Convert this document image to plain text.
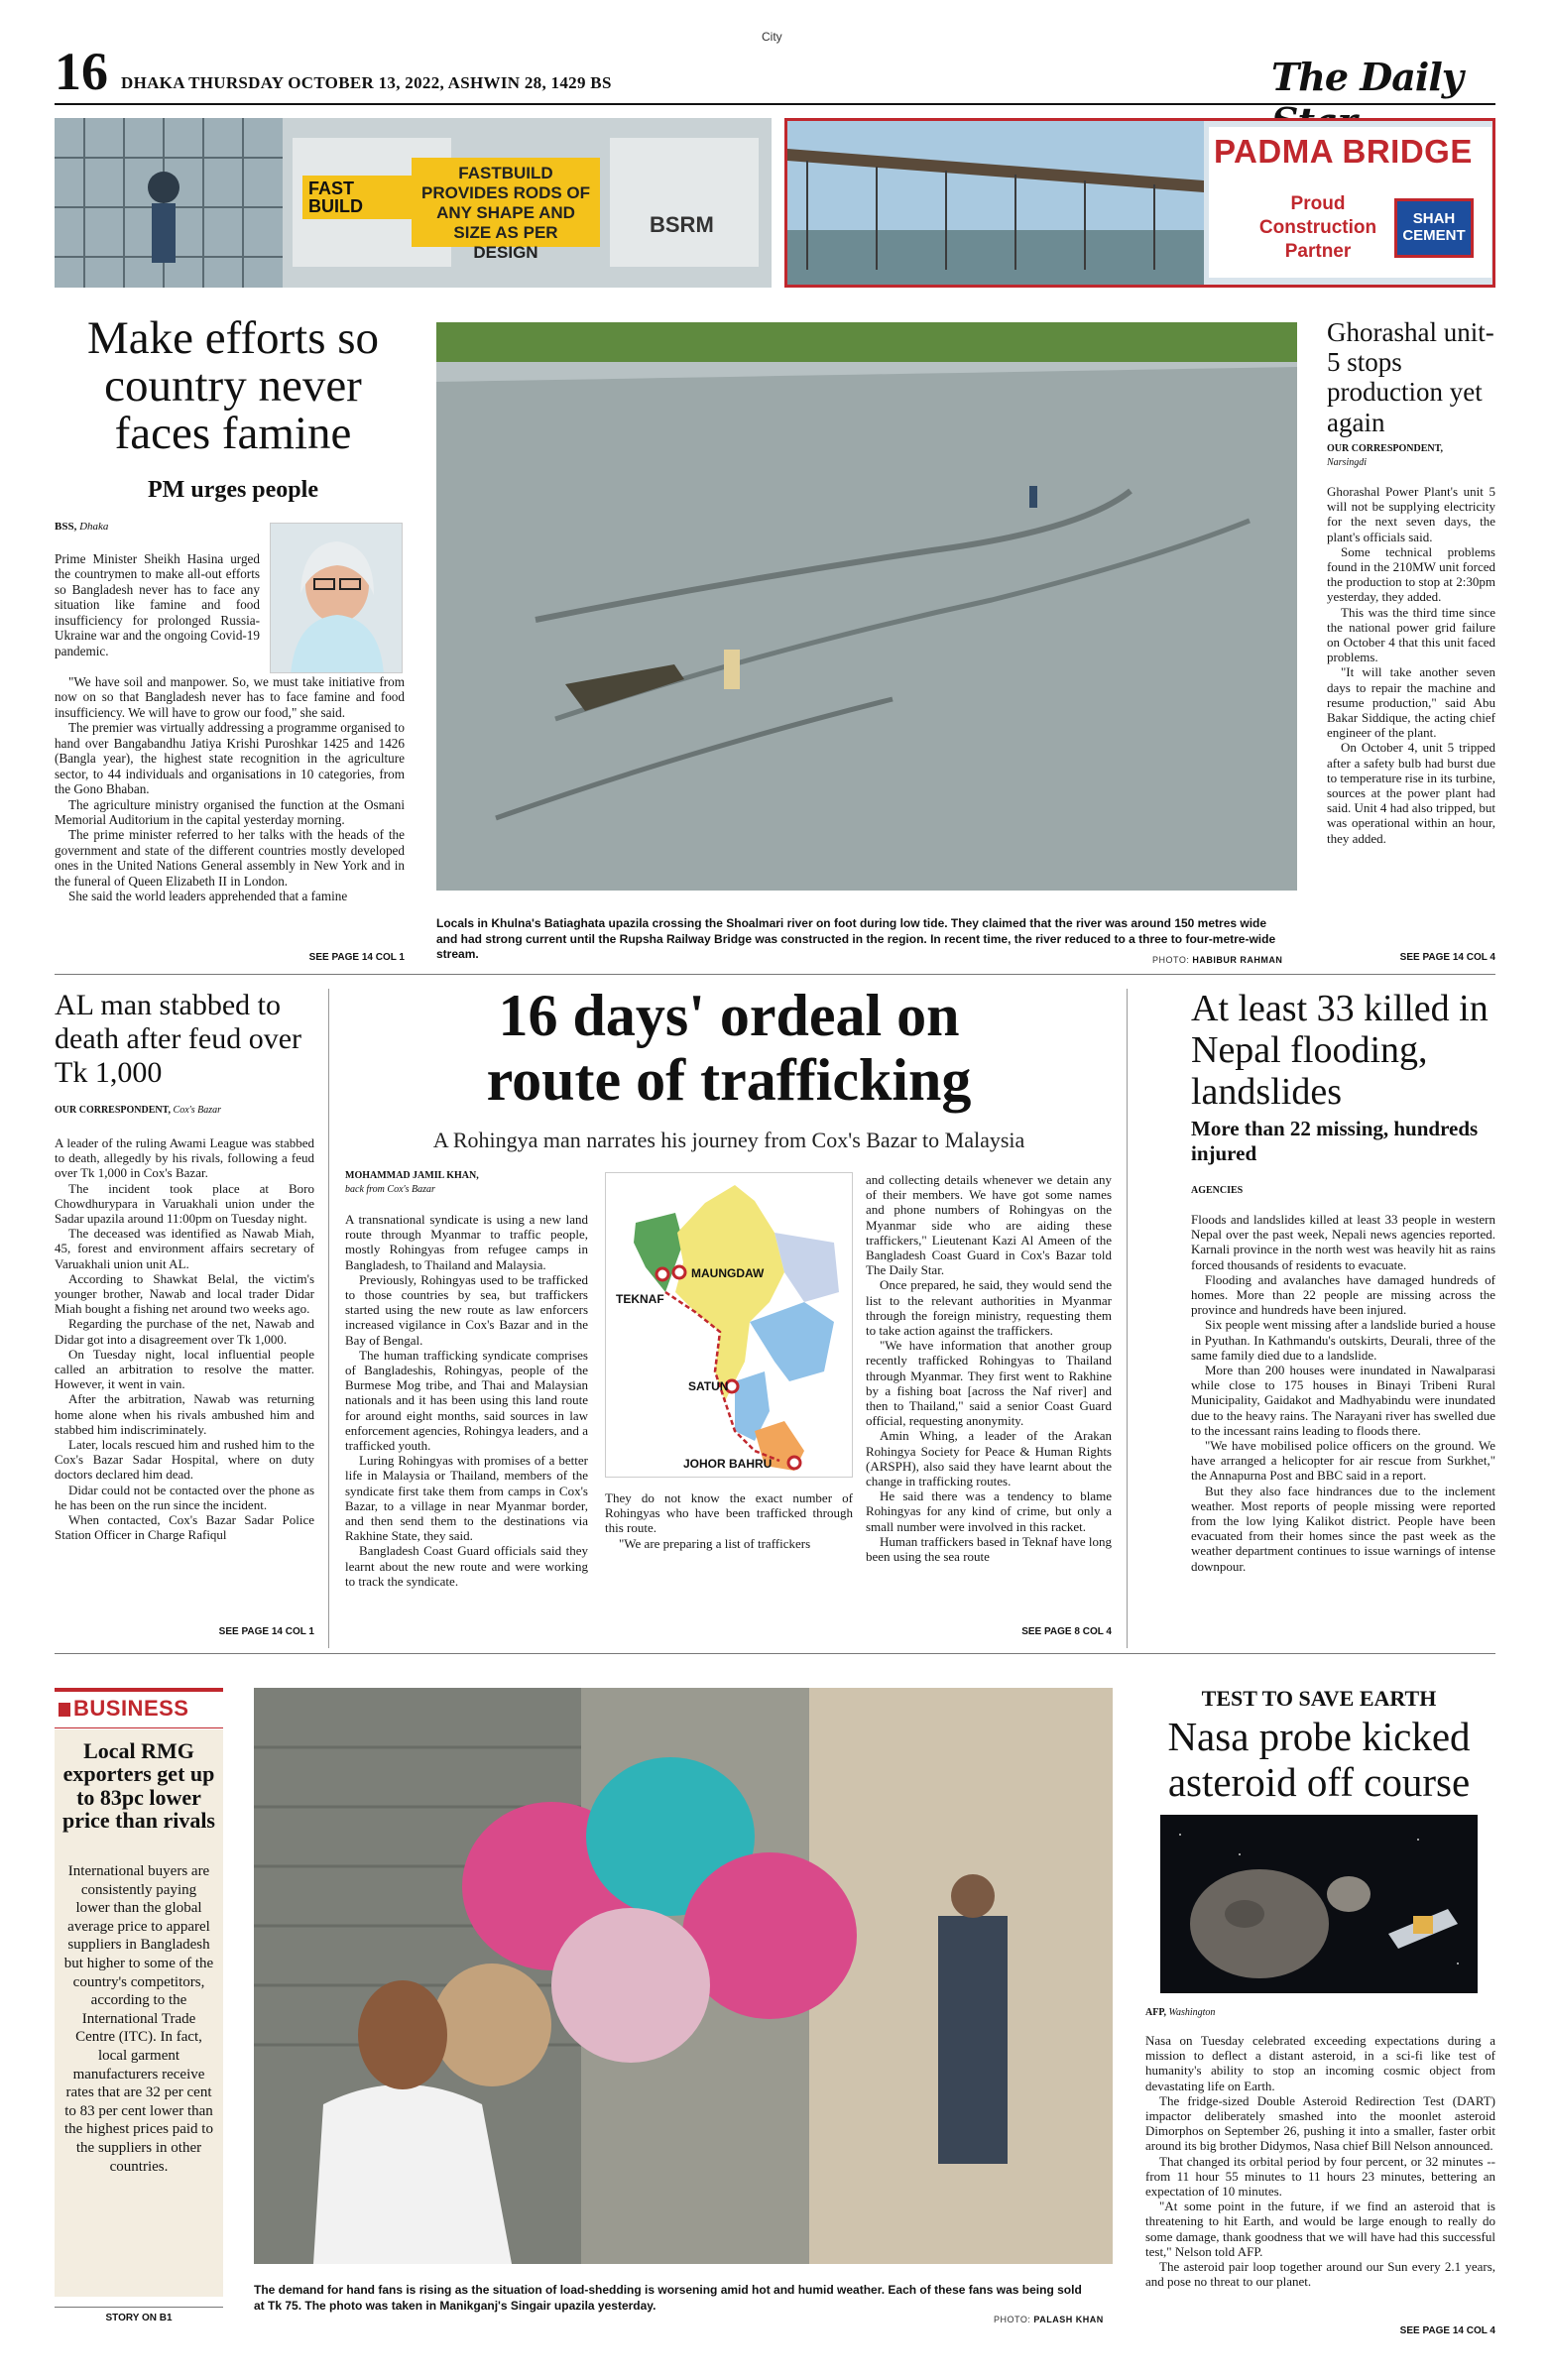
City
16 DHAKA THURSDAY OCTOBER 13, 2022, ASHWIN 28, 1429 BS	The Daily
FAST BUILD
FASTBUILD PROVIDES RODS OF ANY SHAPE AND SIZE AS PER DESIGN
BSRM
PADMA BRIDGE
Proud
Construction
Partner
SHAH
CEMENT
Make efforts so country never faces famine
PM urges people
BSS, Dhaka

Prime Minister Sheikh Hasina urged the countrymen to make all-out efforts so Bangladesh never has to face any situation like famine and food insufficiency for prolonged Russia-Ukraine war and the ongoing Covid-19 pandemic.

"We have soil and manpower. So, we must take initiative from now on so that Bangladesh never has to face famine and food insufficiency. We will have to grow our food," she said.

The premier was virtually addressing a programme organised to hand over Bangabandhu Jatiya Krishi Puroshkar 1425 and 1426 (Bangla year), the highest state recognition in the agriculture sector, to 44 individuals and organisations in 10 categories, from the Gono Bhaban.

The agriculture ministry organised the function at the Osmani Memorial Auditorium in the capital yesterday morning.

The prime minister referred to her talks with the heads of the government and state of the different countries mostly developed ones in the United Nations General assembly in New York and in the funeral of Queen Elizabeth II in London.

She said the world leaders apprehended that a famine

SEE PAGE 14 COL 1
Locals in Khulna's Batiaghata upazila crossing the Shoalmari river on foot during low tide. They claimed that the river was around 150 metres wide and had strong current until the Rupsha Railway Bridge was constructed in the region. In recent time, the river reduced to a three to four-metre-wide stream.	PHOTO: HABIBUR RAHMAN
Ghorashal unit-5 stops production yet again
OUR CORRESPONDENT,
Narsingdi

Ghorashal Power Plant's unit 5 will not be supplying electricity for the next seven days, the plant's officials said.

Some technical problems found in the 210MW unit forced the production to stop at 2:30pm yesterday, they added.

This was the third time since the national power grid failure on October 4 that this unit faced problems.

"It will take another seven days to repair the machine and resume production," said Abu Bakar Siddique, the acting chief engineer of the plant.

On October 4, unit 5 tripped after a safety bulb had burst due to temperature rise in its turbine, sources at the power plant had said. Unit 4 had also tripped, but was operational within an hour, they added.

SEE PAGE 14 COL 4
AL man stabbed to death after feud over Tk 1,000
OUR CORRESPONDENT, Cox's Bazar

A leader of the ruling Awami League was stabbed to death, allegedly by his rivals, following a feud over Tk 1,000 in Cox's Bazar.

The incident took place at Boro Chowdhurypara in Varuakhali union under the Sadar upazila around 11:00pm on Tuesday night.

The deceased was identified as Nawab Miah, 45, forest and environment affairs secretary of Varuakhali union unit AL.

According to Shawkat Belal, the victim's younger brother, Nawab and local trader Didar Miah bought a fishing net around two weeks ago.

Regarding the purchase of the net, Nawab and Didar got into a disagreement over Tk 1,000.

On Tuesday night, local influential people called an arbitration to resolve the matter. However, it went in vain.

After the arbitration, Nawab was returning home alone when his rivals ambushed him and stabbed him indiscriminately.

Later, locals rescued him and rushed him to the Cox's Bazar Sadar Hospital, where on duty doctors declared him dead.

Didar could not be contacted over the phone as he has been on the run since the incident.

When contacted, Cox's Bazar Sadar Police Station Officer in Charge Rafiqul

SEE PAGE 14 COL 1
16 days' ordeal on
route of trafficking
A Rohingya man narrates his journey from Cox's Bazar to Malaysia
MOHAMMAD JAMIL KHAN,
back from Cox's Bazar

A transnational syndicate is using a new land route through Myanmar to traffic people, mostly Rohingyas from refugee camps in Bangladesh, to Thailand and Malaysia.

Previously, Rohingyas used to be trafficked to those countries by sea, but traffickers started using the new route as law enforcers increased vigilance in Cox's Bazar and in the Bay of Bengal.

The human trafficking syndicate comprises of Bangladeshis, Rohingyas, people of the Burmese Mog tribe, and Thai and Malaysian nationals and it has been using this land route for around eight months, said sources in law enforcement agencies, Rohingya leaders, and a trafficked youth.

Luring Rohingyas with promises of a better life in Malaysia or Thailand, members of the syndicate first take them from camps in Cox's Bazar, to a village in near Myanmar border, and then send them to the destinations via Rakhine State, they said.

Bangladesh Coast Guard officials said they learnt about the new route and were working to track the syndicate.

TEKNAF
MAUNGDAW
SATUN
JOHOR BAHRU

They do not know the exact number of Rohingyas who have been trafficked through this route.

"We are preparing a list of traffickers

and collecting details whenever we detain any of their members. We have got some names and phone numbers of Rohingyas on the Myanmar side who are aiding these traffickers," Lieutenant Kazi Al Ameen of the Bangladesh Coast Guard in Cox's Bazar told The Daily Star.

Once prepared, he said, they would send the list to the relevant authorities in Myanmar through the foreign ministry, requesting them to take action against the traffickers.

"We have information that another group recently trafficked Rohingyas to Thailand through Myanmar. They first went to Rakhine by a fishing boat [across the Naf river] and then to Thailand," said a senior Coast Guard official, requesting anonymity.

Amin Whing, a leader of the Arakan Rohingya Society for Peace & Human Rights (ARSPH), also said they have learnt about the change in trafficking routes.

He said there was a tendency to blame Rohingyas for any kind of crime, but only a small number were involved in this racket.

Human traffickers based in Teknaf have long been using the sea route

SEE PAGE 8 COL 4
At least 33 killed in Nepal flooding, landslides
More than 22 missing, hundreds injured
AGENCIES

Floods and landslides killed at least 33 people in western Nepal over the past week, Nepali news agencies reported. Karnali province in the north west was heavily hit as rains forced thousands of residents to evacuate.

Flooding and avalanches have damaged hundreds of homes. More than 22 people are missing across the province and hundreds have been injured.

Six people went missing after a landslide buried a house in Pyuthan. In Kathmandu's outskirts, Deurali, three of the same family died due to a landslide.

More than 200 houses were inundated in Nawalparasi while close to 175 houses in Binayi Tribeni Rural Municipality, Gaidakot and Madhyabindu were inundated due to the heavy rains. The Narayani river has swelled due to the incessant rains leading to floods there.

"We have mobilised police officers on the ground. We have arranged a helicopter for air rescue from Surkhet," the Annapurna Post and BBC said in a report.

But they also face hindrances due to the inclement weather. Most reports of people missing were reported from the low lying Kalikot district. People have been evacuated from their homes since the past week as the weather department continues to issue warnings of intense downpour.

BUSINESS
Local RMG exporters get up to 83pc lower price than rivals
International buyers are consistently paying lower than the global average price to apparel suppliers in Bangladesh but higher to some of the country's competitors, according to the International Trade Centre (ITC). In fact, local garment manufacturers receive rates that are 32 per cent to 83 per cent lower than the highest prices paid to the suppliers in other countries.
STORY ON B1
The demand for hand fans is rising as the situation of load-shedding is worsening amid hot and humid weather. Each of these fans was being sold at Tk 75. The photo was taken in Manikganj's Singair upazila yesterday.
PHOTO: PALASH KHAN
TEST TO SAVE EARTH
Nasa probe kicked asteroid off course
AFP, Washington

Nasa on Tuesday celebrated exceeding expectations during a mission to deflect a distant asteroid, in a sci-fi like test of humanity's ability to stop an incoming cosmic object from devastating life on Earth.

The fridge-sized Double Asteroid Redirection Test (DART) impactor deliberately smashed into the moonlet asteroid Dimorphos on September 26, pushing it into a smaller, faster orbit around its big brother Didymos, Nasa chief Bill Nelson announced.

That changed its orbital period by four percent, or 32 minutes -- from 11 hour 55 minutes to 11 hours 23 minutes, bettering an expectation of 10 minutes.

"At some point in the future, if we find an asteroid that is threatening to hit Earth, and would be large enough to really do some damage, thank goodness that we will have had this successful test," Nelson told AFP.

The asteroid pair loop together around our Sun every 2.1 years, and pose no threat to our planet.

SEE PAGE 14 COL 4
